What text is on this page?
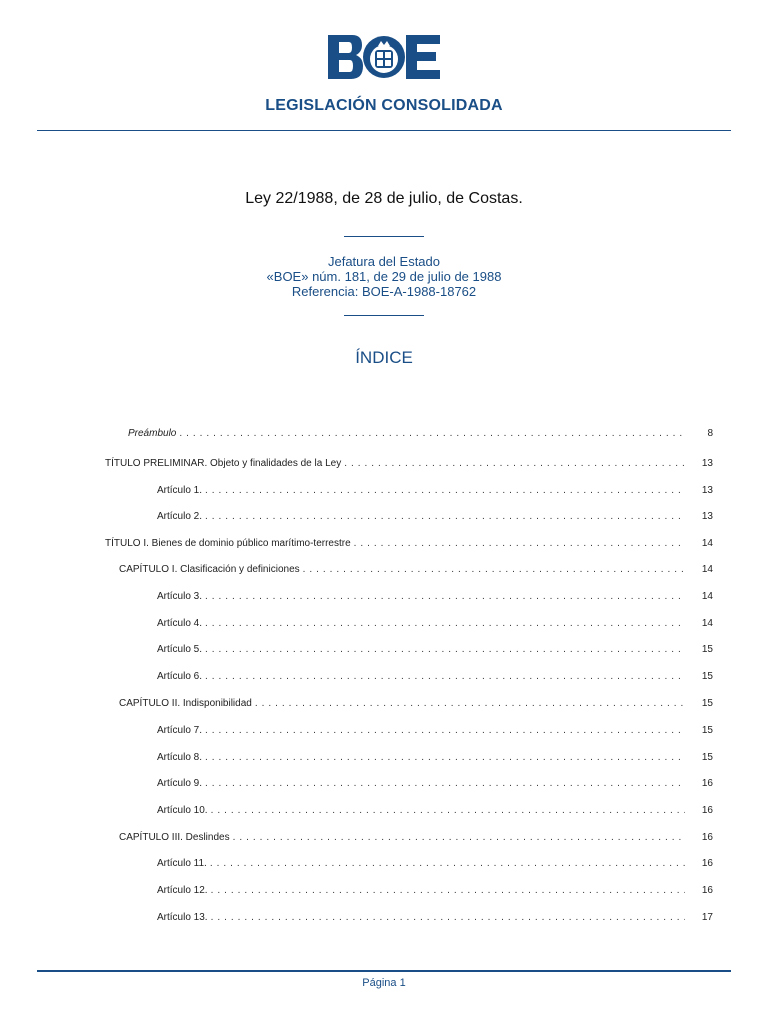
LEGISLACIÓN CONSOLIDADA
Ley 22/1988, de 28 de julio, de Costas.
Jefatura del Estado
«BOE» núm. 181, de 29 de julio de 1988
Referencia: BOE-A-1988-18762
ÍNDICE
Preámbulo . . .	8
TÍTULO PRELIMINAR. Objeto y finalidades de la Ley . . .	13
Artículo 1. . . .	13
Artículo 2. . . .	13
TÍTULO I. Bienes de dominio público marítimo-terrestre . . .	14
CAPÍTULO I. Clasificación y definiciones . . .	14
Artículo 3. . . .	14
Artículo 4. . . .	14
Artículo 5. . . .	15
Artículo 6. . . .	15
CAPÍTULO II. Indisponibilidad . . .	15
Artículo 7. . . .	15
Artículo 8. . . .	15
Artículo 9. . . .	16
Artículo 10. . . .	16
CAPÍTULO III. Deslindes . . .	16
Artículo 11. . . .	16
Artículo 12. . . .	16
Artículo 13. . . .	17
Página 1
